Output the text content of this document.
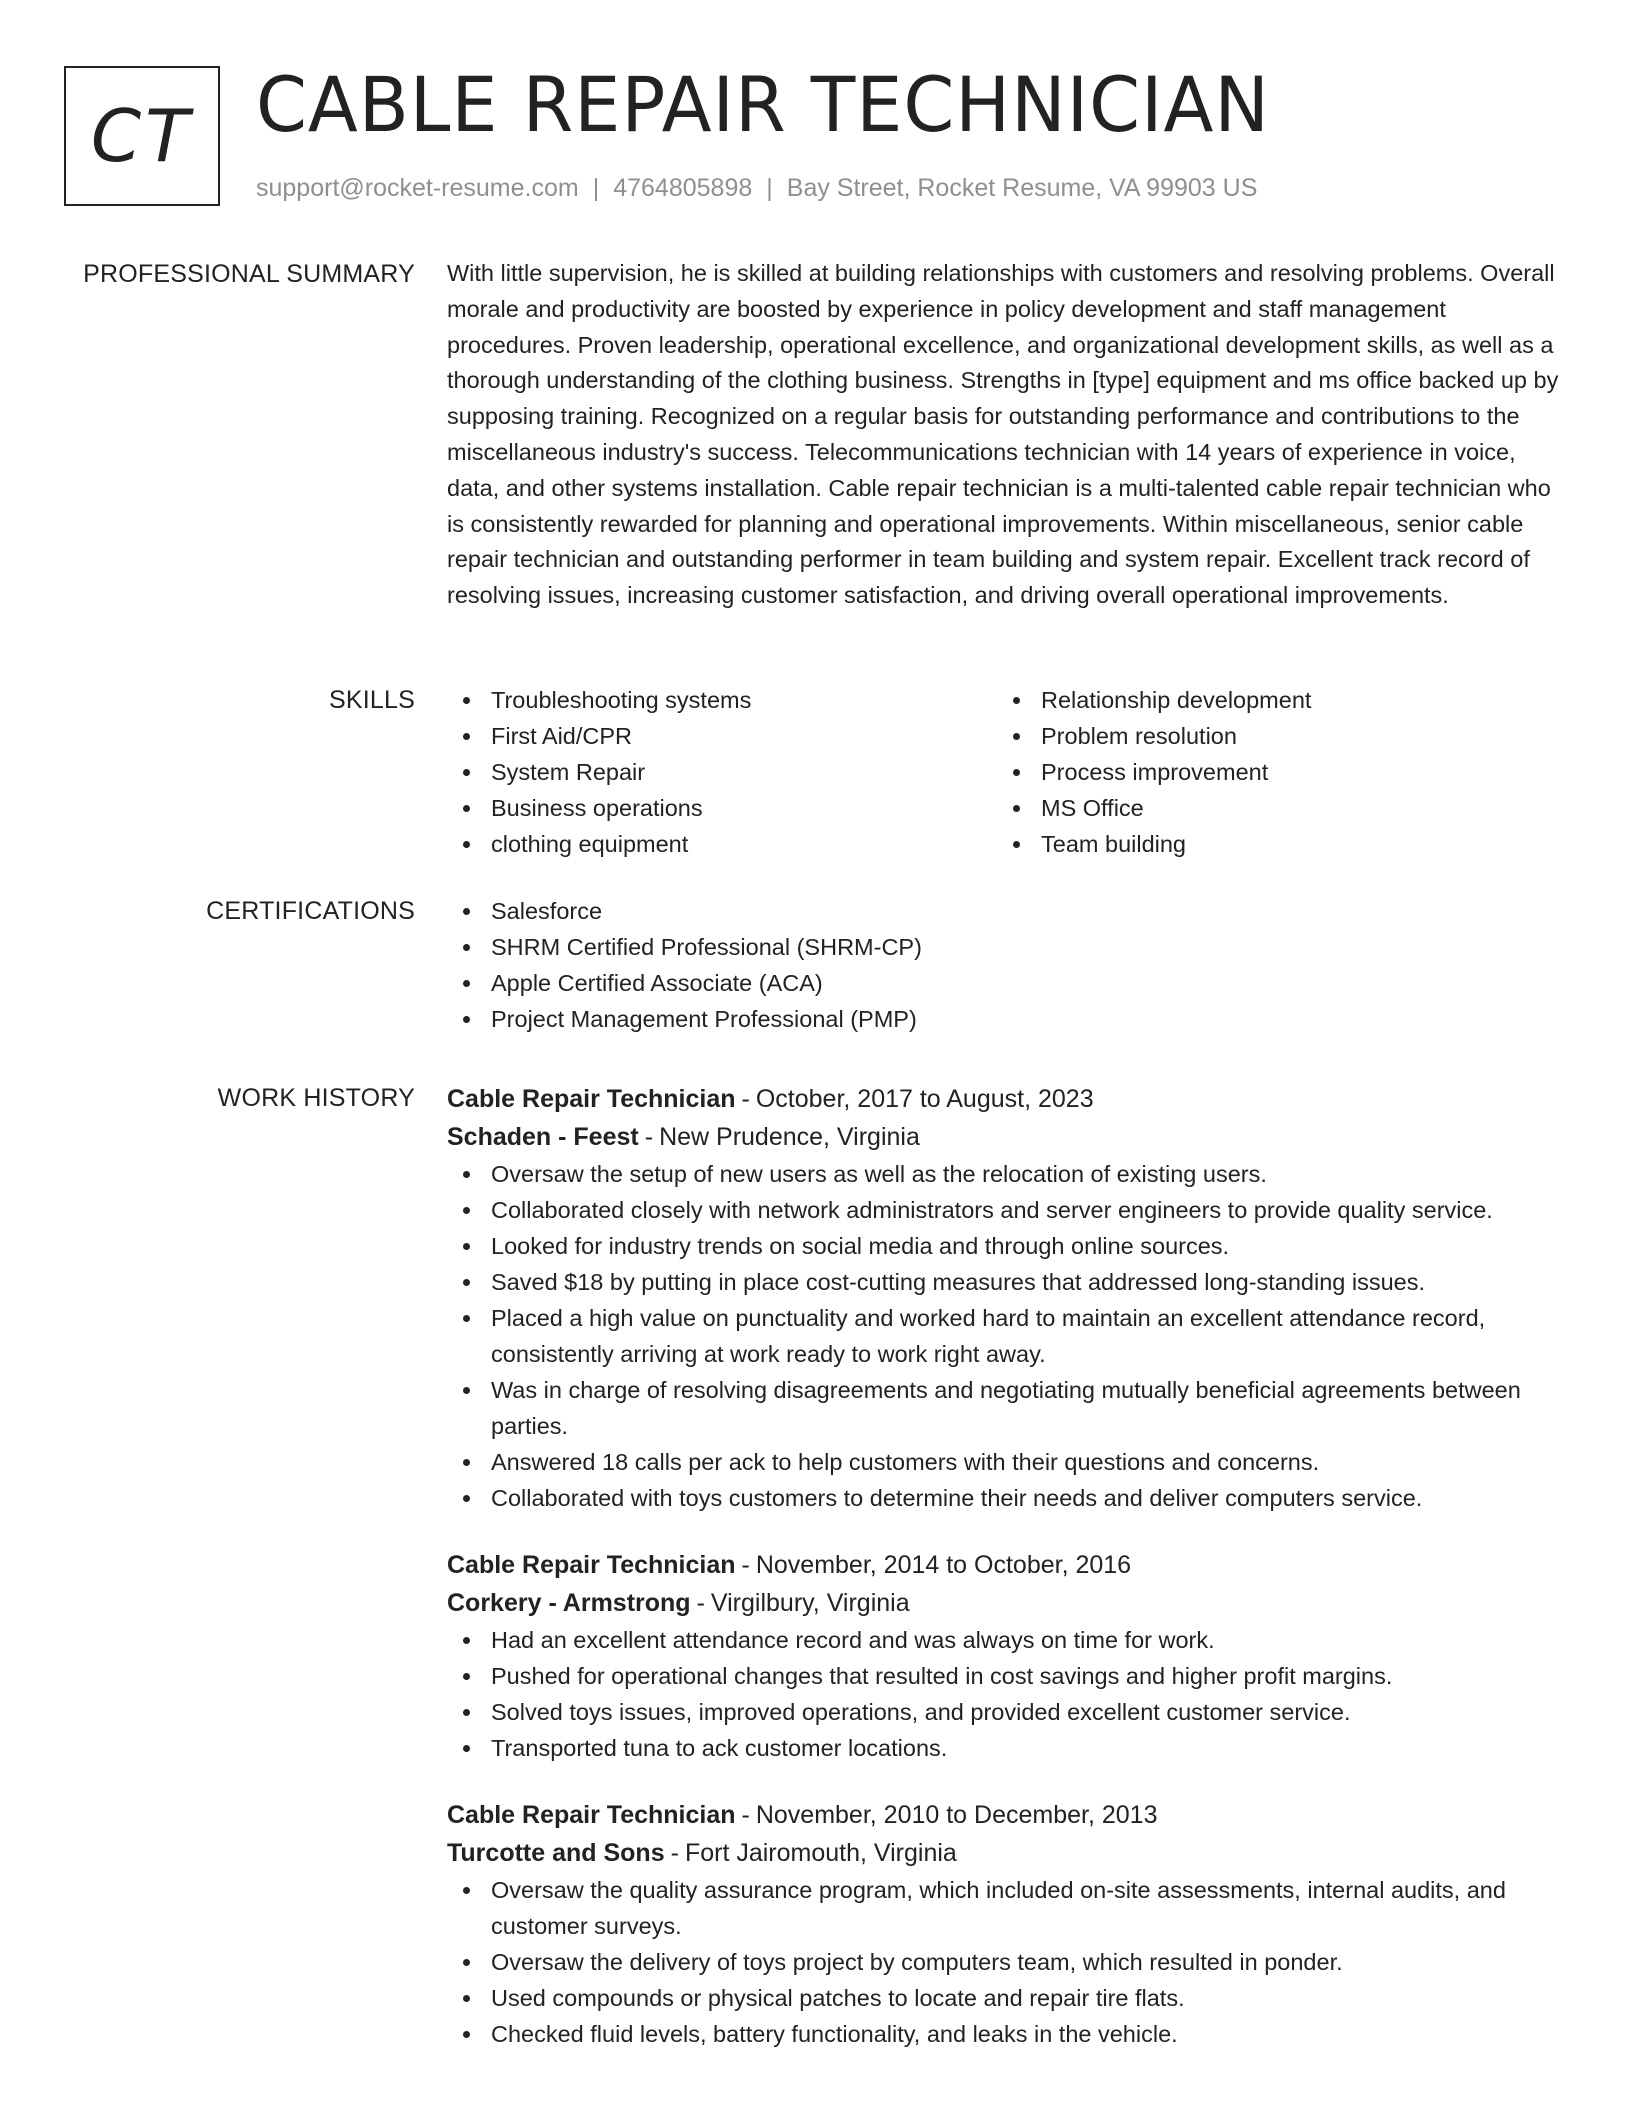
CT CABLE REPAIR TECHNICIAN
support@rocket-resume.com | 4764805898 | Bay Street, Rocket Resume, VA 99903 US
PROFESSIONAL SUMMARY With little supervision, he is skilled at building relationships with customers and resolving problems. Overall morale and productivity are boosted by experience in policy development and staff management procedures. Proven leadership, operational excellence, and organizational development skills, as well as a thorough understanding of the clothing business. Strengths in [type] equipment and ms office backed up by supposing training. Recognized on a regular basis for outstanding performance and contributions to the miscellaneous industry's success. Telecommunications technician with 14 years of experience in voice, data, and other systems installation. Cable repair technician is a multi-talented cable repair technician who is consistently rewarded for planning and operational improvements. Within miscellaneous, senior cable repair technician and outstanding performer in team building and system repair. Excellent track record of resolving issues, increasing customer satisfaction, and driving overall operational improvements.

SKILLS	Troubleshooting systems
First Aid/CPR
System Repair
Business operations
clothing equipment
Relationship development
Problem resolution
Process improvement
MS Office
Team building
CERTIFICATIONS	Salesforce
SHRM Certified Professional (SHRM-CP)
Apple Certified Associate (ACA)
Project Management Professional (PMP)
WORK HISTORY Cable Repair Technician - October, 2017 to August, 2023
Schaden - Feest - New Prudence, Virginia
Oversaw the setup of new users as well as the relocation of existing users.
Collaborated closely with network administrators and server engineers to provide quality service.
Looked for industry trends on social media and through online sources.
Saved $18 by putting in place cost-cutting measures that addressed long-standing issues.
Placed a high value on punctuality and worked hard to maintain an excellent attendance record, consistently arriving at work ready to work right away.
Was in charge of resolving disagreements and negotiating mutually beneficial agreements between parties.
Answered 18 calls per ack to help customers with their questions and concerns.
Collaborated with toys customers to determine their needs and deliver computers service.
Cable Repair Technician - November, 2014 to October, 2016
Corkery - Armstrong - Virgilbury, Virginia
Had an excellent attendance record and was always on time for work.
Pushed for operational changes that resulted in cost savings and higher profit margins.
Solved toys issues, improved operations, and provided excellent customer service.
Transported tuna to ack customer locations.
Cable Repair Technician - November, 2010 to December, 2013
Turcotte and Sons - Fort Jairomouth, Virginia
Oversaw the quality assurance program, which included on-site assessments, internal audits, and customer surveys.
Oversaw the delivery of toys project by computers team, which resulted in ponder.
Used compounds or physical patches to locate and repair tire flats.
Checked fluid levels, battery functionality, and leaks in the vehicle.
